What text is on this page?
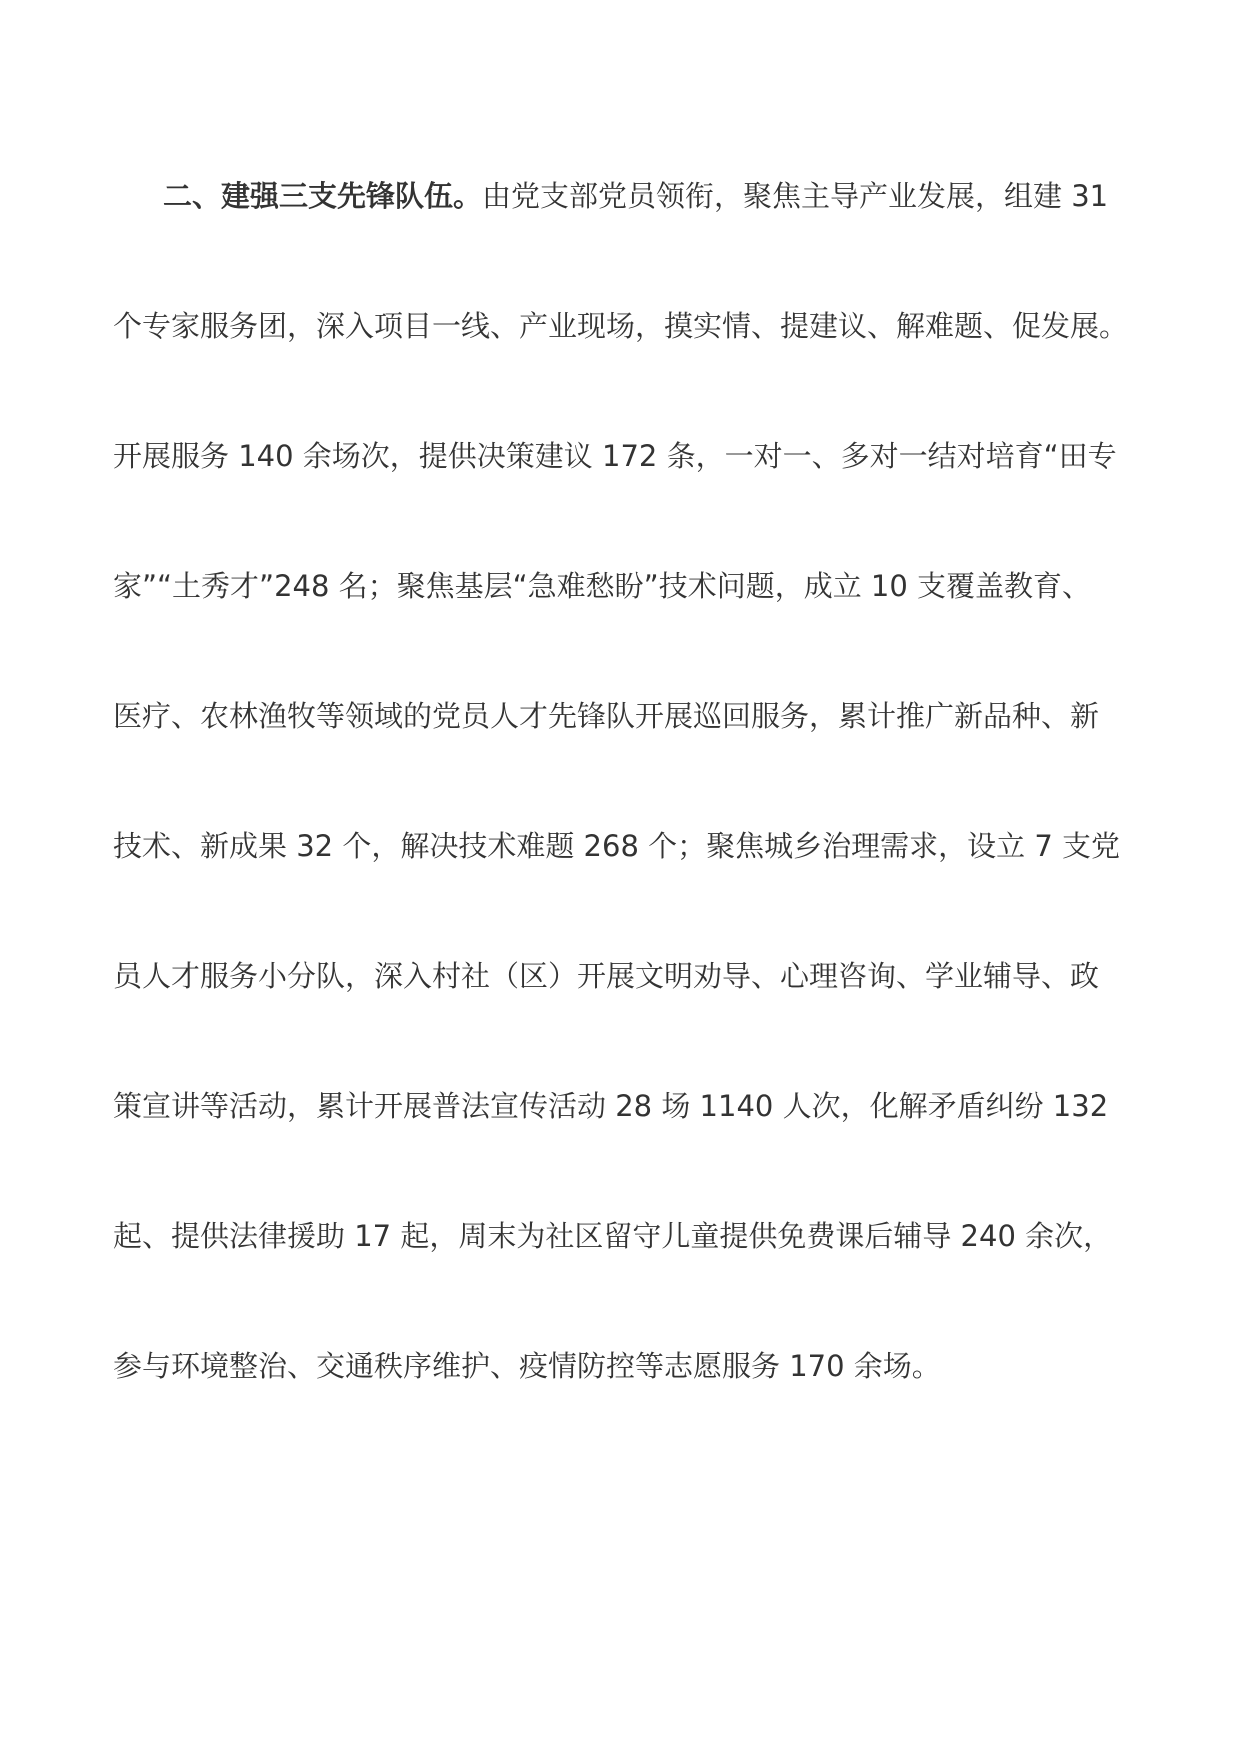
二、建强三支先锋队伍。由党支部党员领衔，聚焦主导产业发展，组建 31
个专家服务团，深入项目一线、产业现场，摸实情、提建议、解难题、促发展。
开展服务 140 余场次，提供决策建议 172 条，一对一、多对一结对培育“田专
家”“土秀才”248 名；聚焦基层“急难愁盼”技术问题，成立 10 支覆盖教育、
医疗、农林渔牧等领域的党员人才先锋队开展巡回服务，累计推广新品种、新
技术、新成果 32 个，解决技术难题 268 个；聚焦城乡治理需求，设立 7 支党
员人才服务小分队，深入村社（区）开展文明劝导、心理咨询、学业辅导、政
策宣讲等活动，累计开展普法宣传活动 28 场 1140 人次，化解矛盾纠纷 132
起、提供法律援助 17 起，周末为社区留守儿童提供免费课后辅导 240 余次，
参与环境整治、交通秩序维护、疫情防控等志愿服务 170 余场。
